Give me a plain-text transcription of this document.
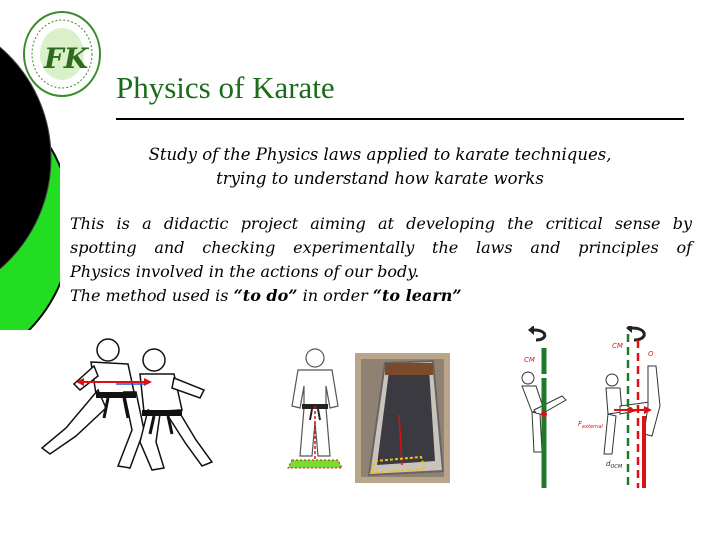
FK
Physics of Karate
Study of the Physics laws applied to karate techniques,
trying to understand how karate works
This is a didactic project aiming at developing the critical sense by
spotting and checking experimentally the laws and principles of
Physics involved in the actions of our body.
The method used is “to do” in order “to learn”
CM
CM
O
$F_{external}$
$d_{OCM}$
